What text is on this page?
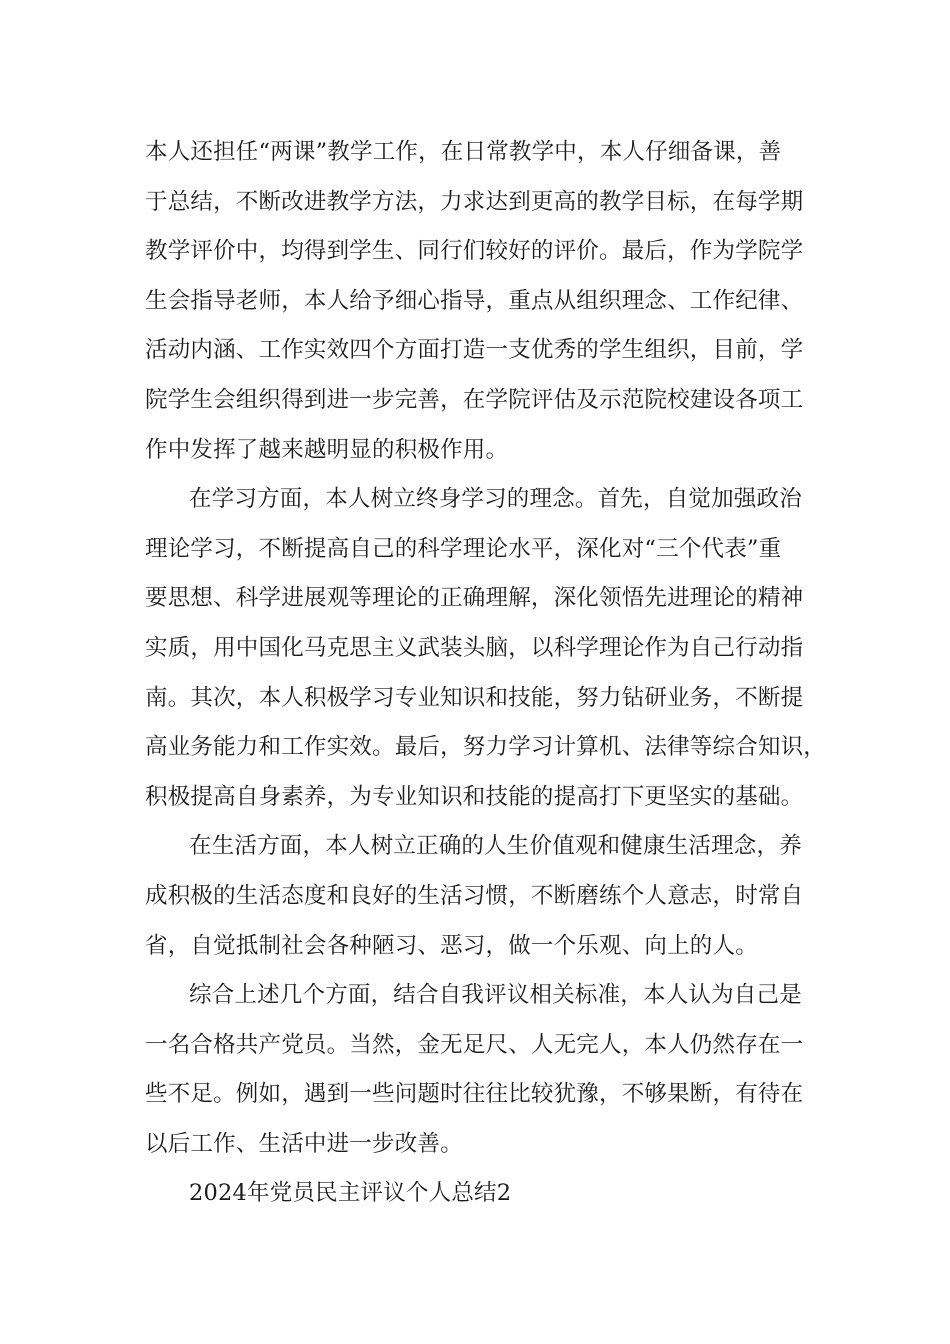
本人还担任“两课”教学工作，在日常教学中，本人仔细备课，善
于总结，不断改进教学方法，力求达到更高的教学目标，在每学期
教学评价中，均得到学生、同行们较好的评价。最后，作为学院学
生会指导老师，本人给予细心指导，重点从组织理念、工作纪律、
活动内涵、工作实效四个方面打造一支优秀的学生组织，目前，学
院学生会组织得到进一步完善，在学院评估及示范院校建设各项工
作中发挥了越来越明显的积极作用。
在学习方面，本人树立终身学习的理念。首先，自觉加强政治
理论学习，不断提高自己的科学理论水平，深化对“三个代表”重
要思想、科学进展观等理论的正确理解，深化领悟先进理论的精神
实质，用中国化马克思主义武装头脑，以科学理论作为自己行动指
南。其次，本人积极学习专业知识和技能，努力钻研业务，不断提
高业务能力和工作实效。最后，努力学习计算机、法律等综合知识，
积极提高自身素养，为专业知识和技能的提高打下更坚实的基础。
在生活方面，本人树立正确的人生价值观和健康生活理念，养
成积极的生活态度和良好的生活习惯，不断磨练个人意志，时常自
省，自觉抵制社会各种陋习、恶习，做一个乐观、向上的人。
综合上述几个方面，结合自我评议相关标准，本人认为自己是
一名合格共产党员。当然，金无足尺、人无完人，本人仍然存在一
些不足。例如，遇到一些问题时往往比较犹豫，不够果断，有待在
以后工作、生活中进一步改善。
2024年党员民主评议个人总结2
